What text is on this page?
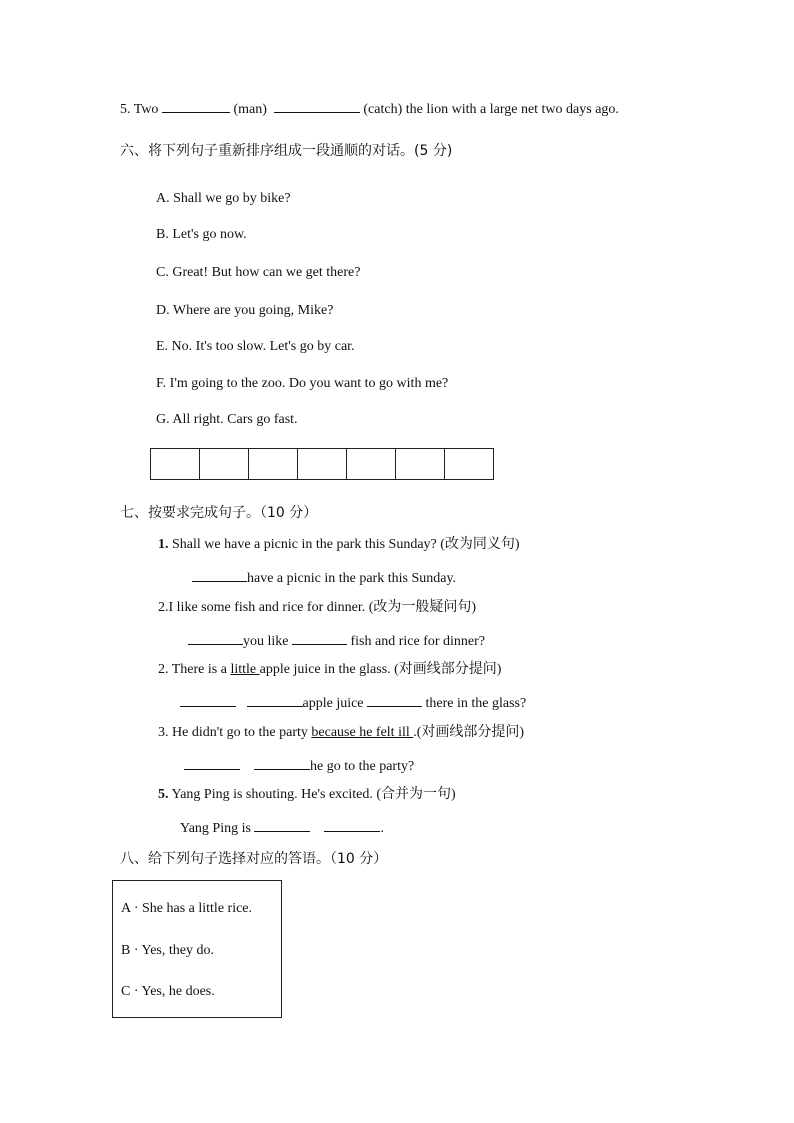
5. Two	(man)	(catch) the lion with a large net two days ago.
六、将下列句子重新排序组成一段通顺的对话。(5 分)
A. Shall we go by bike?
B. Let's go now.
C. Great! But how can we get there?
D. Where are you going, Mike?
E. No. It's too slow. Let's go by car.
F. I'm going to the zoo. Do you want to go with me?
G. All right. Cars go fast.

七、按要求完成句子。（10 分）
1. Shall we have a picnic in the park this Sunday? (改为同义句)
have a picnic in the park this Sunday.
2.I like some fish and rice for dinner. (改为一般疑问句)
you like	fish and rice for dinner?
2. There is a little apple juice in the glass. (对画线部分提问)
apple juice	there in the glass?
3. He didn't go to the party because he felt ill .(对画线部分提问)
he go to the party?
5. Yang Ping is shouting. He's excited. (合并为一句)
Yang Ping is	.
八、给下列句子选择对应的答语。（10 分）
A · She has a little rice.
B · Yes, they do.
C · Yes, he does.
